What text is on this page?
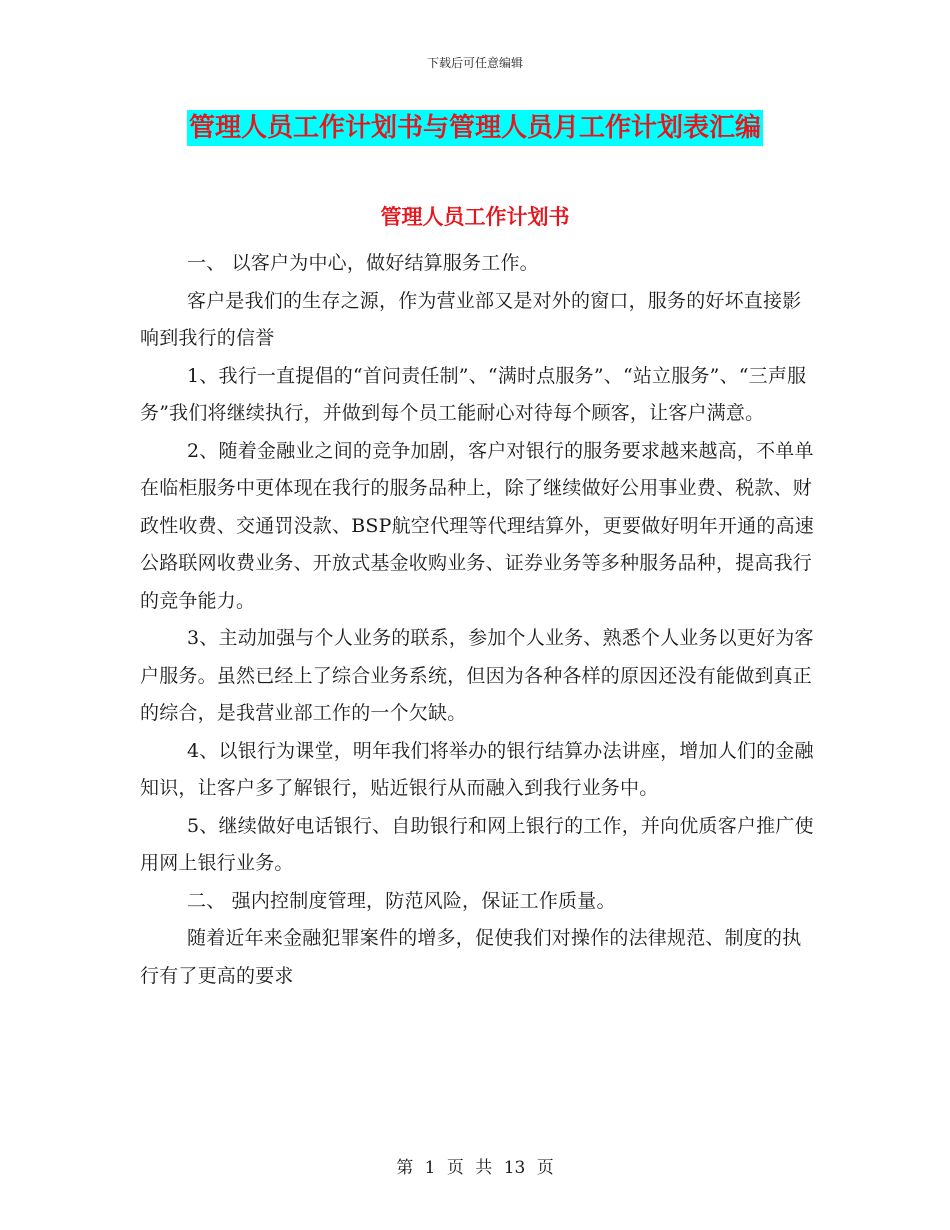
下载后可任意编辑
管理人员工作计划书与管理人员月工作计划表汇编
管理人员工作计划书

一、 以客户为中心，做好结算服务工作。

客户是我们的生存之源，作为营业部又是对外的窗口，服务的好坏直接影响到我行的信誉

1、我行一直提倡的“首问责任制”、“满时点服务”、“站立服务”、“三声服务”我们将继续执行，并做到每个员工能耐心对待每个顾客，让客户满意。

2、随着金融业之间的竞争加剧，客户对银行的服务要求越来越高，不单单在临柜服务中更体现在我行的服务品种上，除了继续做好公用事业费、税款、财政性收费、交通罚没款、BSP航空代理等代理结算外，更要做好明年开通的高速公路联网收费业务、开放式基金收购业务、证券业务等多种服务品种，提高我行的竞争能力。

3、主动加强与个人业务的联系，参加个人业务、熟悉个人业务以更好为客户服务。虽然已经上了综合业务系统，但因为各种各样的原因还没有能做到真正的综合，是我营业部工作的一个欠缺。

4、以银行为课堂，明年我们将举办的银行结算办法讲座，增加人们的金融知识，让客户多了解银行，贴近银行从而融入到我行业务中。

5、继续做好电话银行、自助银行和网上银行的工作，并向优质客户推广使用网上银行业务。

二、 强内控制度管理，防范风险，保证工作质量。

随着近年来金融犯罪案件的增多，促使我们对操作的法律规范、制度的执行有了更高的要求

第 1 页 共 13 页
